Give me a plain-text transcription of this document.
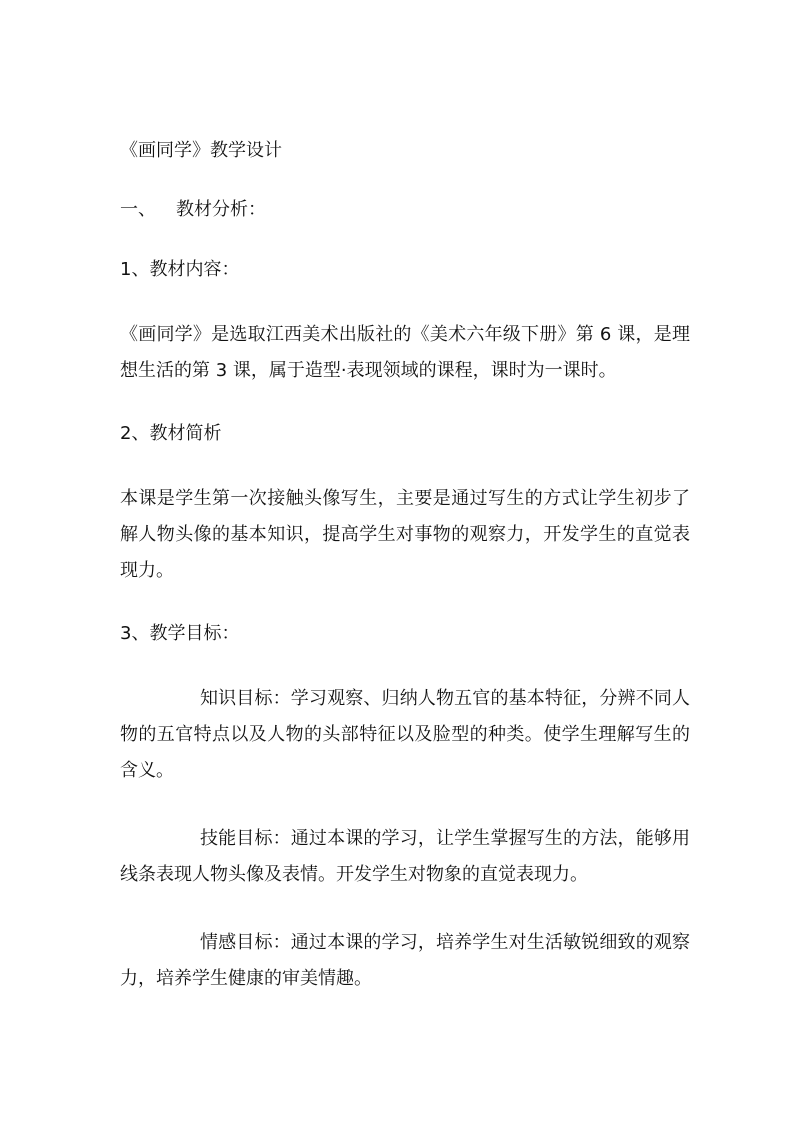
《画同学》教学设计

一、	教材分析：

1、教材内容：

《画同学》是选取江西美术出版社的《美术六年级下册》第 6 课，是理想生活的第 3 课，属于造型·表现领域的课程，课时为一课时。

2、教材简析

本课是学生第一次接触头像写生，主要是通过写生的方式让学生初步了解人物头像的基本知识，提高学生对事物的观察力，开发学生的直觉表现力。

3、教学目标：

知识目标：学习观察、归纳人物五官的基本特征，分辨不同人物的五官特点以及人物的头部特征以及脸型的种类。使学生理解写生的含义。

技能目标：通过本课的学习，让学生掌握写生的方法，能够用线条表现人物头像及表情。开发学生对物象的直觉表现力。

情感目标：通过本课的学习，培养学生对生活敏锐细致的观察力，培养学生健康的审美情趣。
